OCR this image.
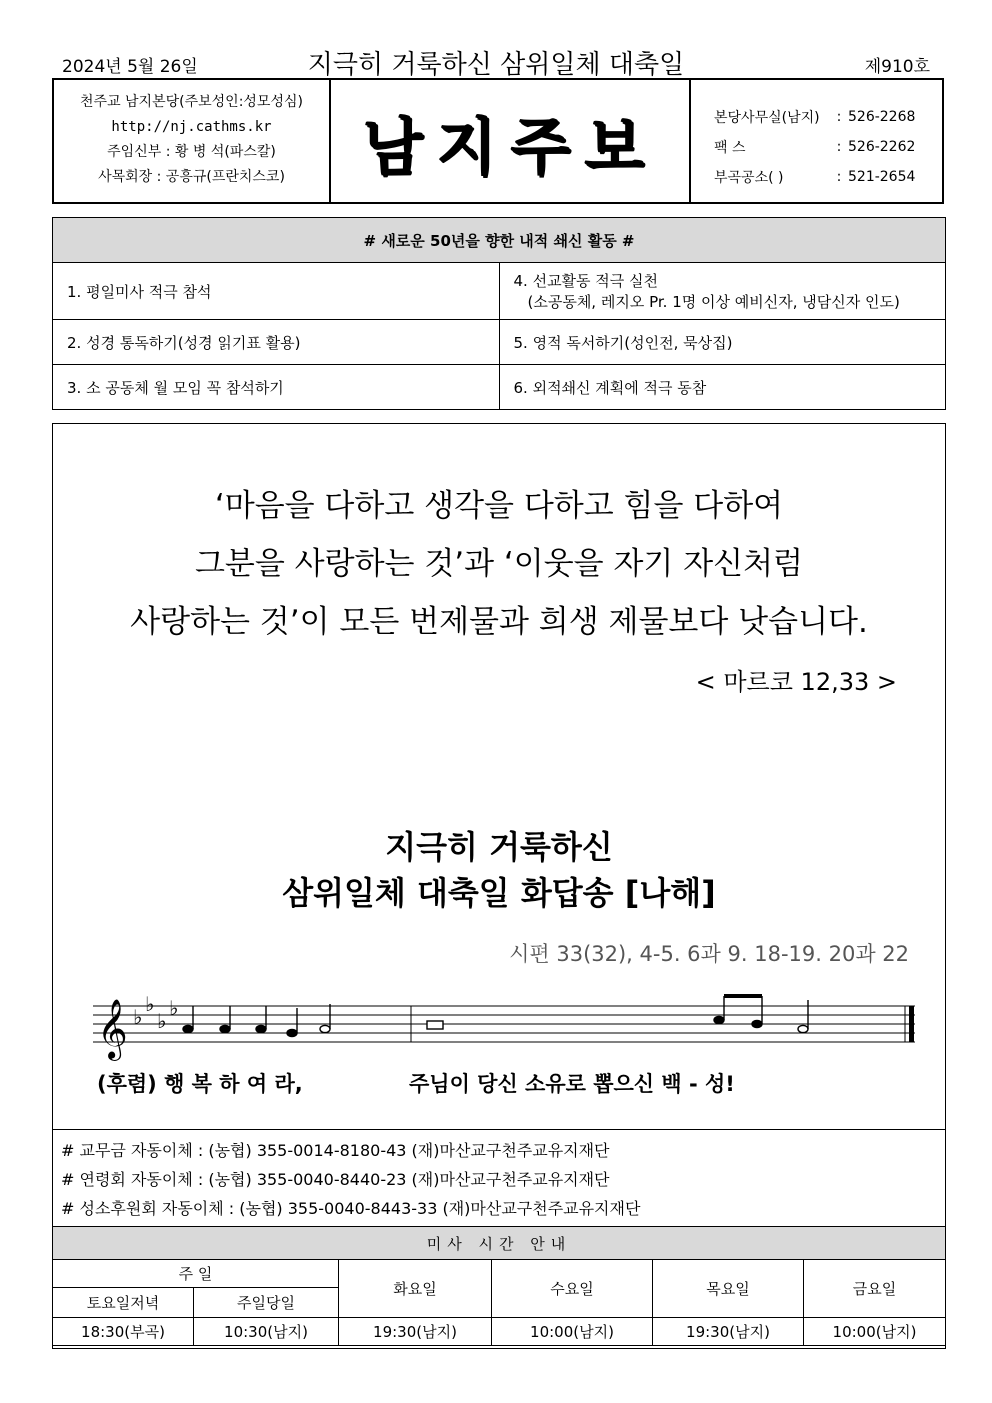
2024년 5월 26일	지극히 거룩하신 삼위일체 대축일	제910호
천주교 남지본당(주보성인:성모성심)
http://nj.cathms.kr
주임신부 : 황 병 석(파스칼)
사목회장 : 공흥규(프란치스코)	남지주보	본당사무실(남지)	: 526-2268
팩 스	: 526-2262
부곡공소( )	: 521-2654
# 새로운 50년을 향한 내적 쇄신 활동 #	
1. 평일미사 적극 참석	4. 선교활동 적극 실천
(소공동체, 레지오 Pr. 1명 이상 예비신자, 냉담신자 인도)

2. 성경 통독하기(성경 읽기표 활용)	5. 영적 독서하기(성인전, 묵상집)
3. 소 공동체 월 모임 꼭 참석하기	6. 외적쇄신 계획에 적극 동참
‘마음을 다하고 생각을 다하고 힘을 다하여
그분을 사랑하는 것’과 ‘이웃을 자기 자신처럼
사랑하는 것’이 모든 번제물과 희생 제물보다 낫습니다.
< 마르코 12,33 >
지극히 거룩하신
삼위일체 대축일 화답송 [나해]
시편 33(32), 4-5. 6과 9. 18-19. 20과 22
𝄞 ♭
♭
♭
♭
(후렴) 행 복 하 여 라,	주님이 당신 소유로 뽑으신 백 - 성!
# 교무금 자동이체 : (농협) 355-0014-8180-43 (재)마산교구천주교유지재단
# 연령회 자동이체 : (농협) 355-0040-8440-23 (재)마산교구천주교유지재단
# 성소후원회 자동이체 : (농협) 355-0040-8443-33 (재)마산교구천주교유지재단
미사 시간 안내					
주 일		화요일	수요일	목요일	금요일
토요일저녁	주일당일				
18:30(부곡)	10:30(남지)	19:30(남지)	10:00(남지)	19:30(남지)	10:00(남지)
